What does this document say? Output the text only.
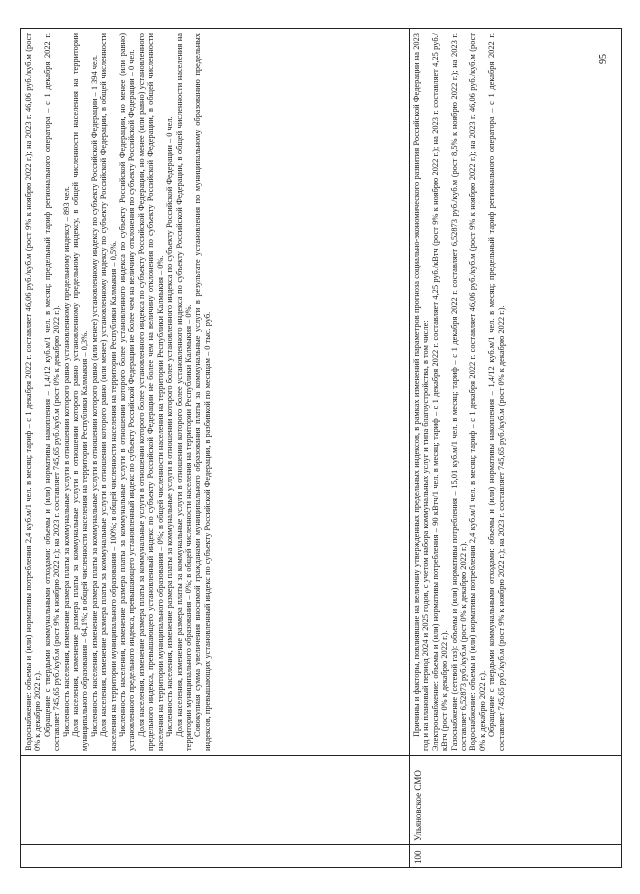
Водоснабжение: объемы и (или) нормативы потребления 2,4 куб.м/1 чел. в месяц; тариф – с 1 декабря 2022 г. составляет 46,06 руб./куб.м (рост 9% к ноябрю 2022 г.); на 2023 г. 46,06 руб./куб.м (рост 0% к декабрю 2022 г.). Обращение с твердыми коммунальными отходами: объемы и (или) нормативы накопления – 1,4/12 куб.м/1 чел. в месяц; предельный тариф регионального оператора – с 1 декабря 2022 г. составляет 745,65 руб./куб.м (рост 9% к ноябрю 2022 г.); на 2023 г. составляет 745,65 руб./куб.м (рост 0% к декабрю 2022 г.). Численность населения, изменение размера платы за коммунальные услуги в отношении которого равно установленному предельному индексу – 893 чел. Доля населения, изменение размера платы за коммунальные услуги в отношении которого равно установленному предельному индексу, в общей численности населения на территории муниципального образования – 64,1%; в общей численности населения на территории Республики Калмыкия – 0,3%. Численность населения, изменение размера платы за коммунальные услуги в отношении которого равно (или менее) установленному индексу по субъекту Российской Федерации – 1 394 чел. Доля населения, изменение размера платы за коммунальные услуги в отношении которого равно (или менее) установленному индексу по субъекту Российской Федерации, в общей численности населения на территории муниципального образования – 100%; в общей численности населения на территории Республики Калмыкия – 0,5%. Численность населения, изменение размера платы за коммунальные услуги в отношении которого более установленного индекса по субъекту Российской Федерации, но менее (или равно) установленного предельного индекса, превышающего установленный индекс по субъекту Российской Федерации не более чем на величину отклонения по субъекту Российской Федерации – 0 чел. Доля населения, изменение размера платы за коммунальные услуги в отношении которого более установленного индекса по субъекту Российской Федерации, но менее (или равно) установленного предельного индекса, превышающего установленный индекс по субъекту Российской Федерации не более чем на величину отклонения по субъекту Российской Федерации, в общей численности населения на территории муниципального образования – 0%; в общей численности населения на территории Республики Калмыкия – 0%. Численность населения, изменение размера платы за коммунальные услуги в отношении которого более установленного индекса по субъекту Российской Федерации – 0 чел. Доля населения, изменение размера платы за коммунальные услуги в отношении которого более установленного индекса по субъекту Российской Федерации, в общей численности населения на территории муниципального образования – 0%; в общей численности населения на территории Республики Калмыкия – 0%. Совокупная сумма увеличения вносимой гражданами муниципального образования платы за коммунальные услуги в результате установления по муниципальному образованию предельных индексов, превышающих установленный индекс по субъекту Российской Федерации, в разбивкой по месяцам – 0 тыс. руб.

100
Ульяновское СМО

Причины и факторы, повлиявшие на величину утвержденных предельных индексов, в рамках изменений параметров прогноза социально-экономического развития Российской Федерации на 2023 год и на плановый период 2024 и 2025 годов, с учетом набора коммунальных услуг и типа благоустройства, в том числе: Электроснабжение: объемы и (или) нормативы потребления – 90 кВтч/1 чел. в месяц; тариф – с 1 декабря 2022 г. составляет 4,25 руб./кВтч (рост 9% к ноябрю 2022 г.); на 2023 г. составляет 4,25 руб./кВтч (рост 0% к декабрю 2022 г.). Газоснабжение (сетевой газ): объемы и (или) нормативы потребления – 15,01 куб.м/1 чел. в месяц; тариф – с 1 декабря 2022 г. составляет 6,52873 руб./куб.м (рост 8,5% к ноябрю 2022 г.); на 2023 г. составляет 6,52873 руб./куб.м (рост 0% к декабрю 2022 г.). Водоснабжение: объемы и (или) нормативы потребления 2,4 куб.м/1 чел. в месяц; тариф – с 1 декабря 2022 г. составляет 46,06 руб./куб.м (рост 9% к ноябрю 2022 г.); на 2023 г. 46,06 руб./куб.м (рост 0% к декабрю 2022 г.). Обращение с твердыми коммунальными отходами: объемы и (или) нормативы накопления – 1,4/12 куб.м/1 чел. в месяц; предельный тариф регионального оператора – с 1 декабря 2022 г. составляет 745,65 руб./куб.м (рост 9% к ноябрю 2022 г.); на 2023 г. составляет 745,65 руб./куб.м (рост 0% к декабрю 2022 г.).

95
